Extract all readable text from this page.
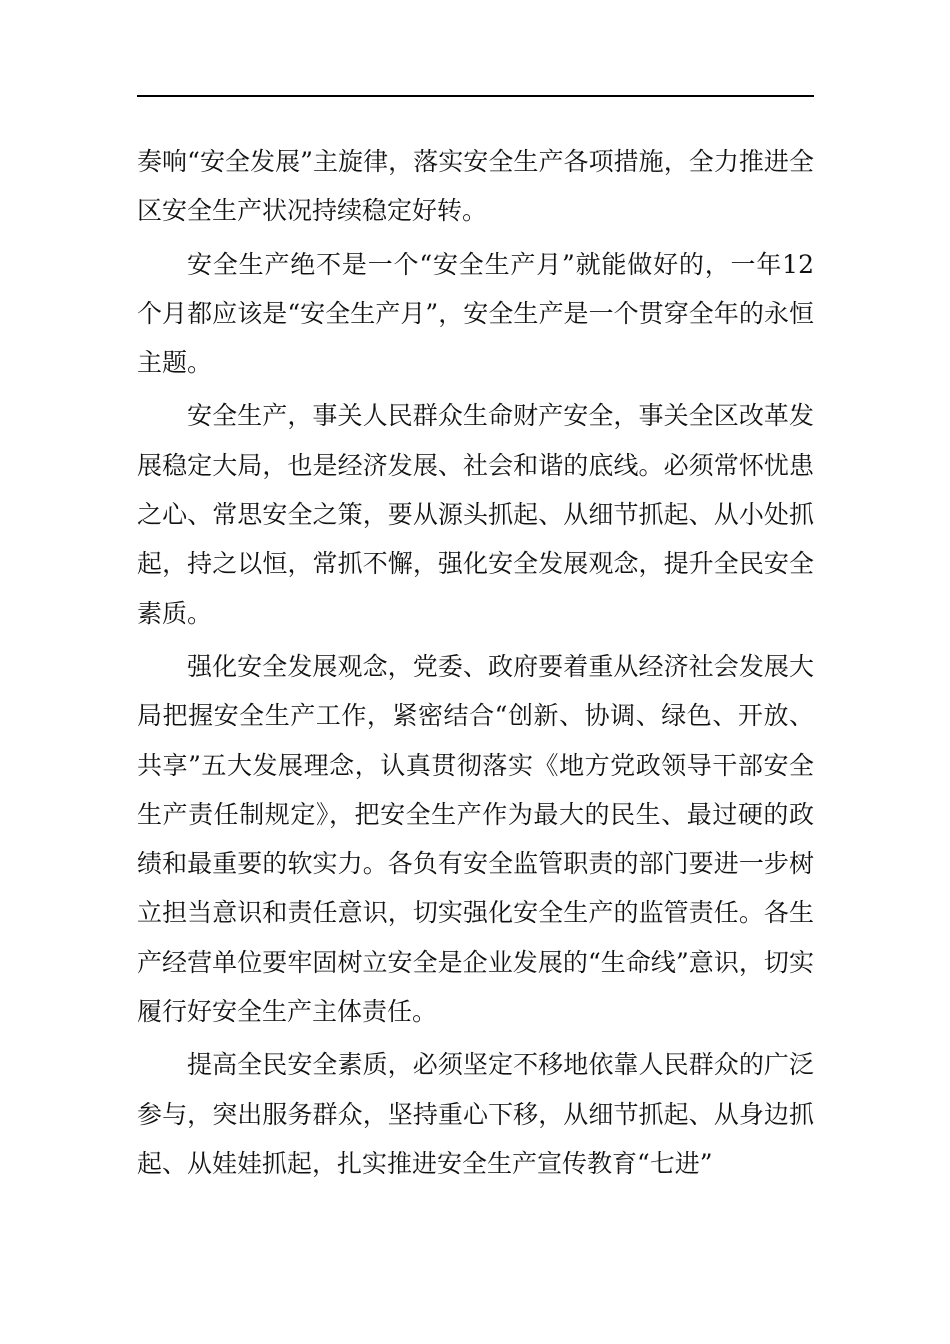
奏响“安全发展”主旋律，落实安全生产各项措施，全力推进全区安全生产状况持续稳定好转。

安全生产绝不是一个“安全生产月”就能做好的，一年12个月都应该是“安全生产月”，安全生产是一个贯穿全年的永恒主题。

安全生产，事关人民群众生命财产安全，事关全区改革发展稳定大局，也是经济发展、社会和谐的底线。必须常怀忧患之心、常思安全之策，要从源头抓起、从细节抓起、从小处抓起，持之以恒，常抓不懈，强化安全发展观念，提升全民安全素质。

强化安全发展观念，党委、政府要着重从经济社会发展大局把握安全生产工作，紧密结合“创新、协调、绿色、开放、共享”五大发展理念，认真贯彻落实《地方党政领导干部安全生产责任制规定》，把安全生产作为最大的民生、最过硬的政绩和最重要的软实力。各负有安全监管职责的部门要进一步树立担当意识和责任意识，切实强化安全生产的监管责任。各生产经营单位要牢固树立安全是企业发展的“生命线”意识，切实履行好安全生产主体责任。

提高全民安全素质，必须坚定不移地依靠人民群众的广泛参与，突出服务群众，坚持重心下移，从细节抓起、从身边抓起、从娃娃抓起，扎实推进安全生产宣传教育“七进”
